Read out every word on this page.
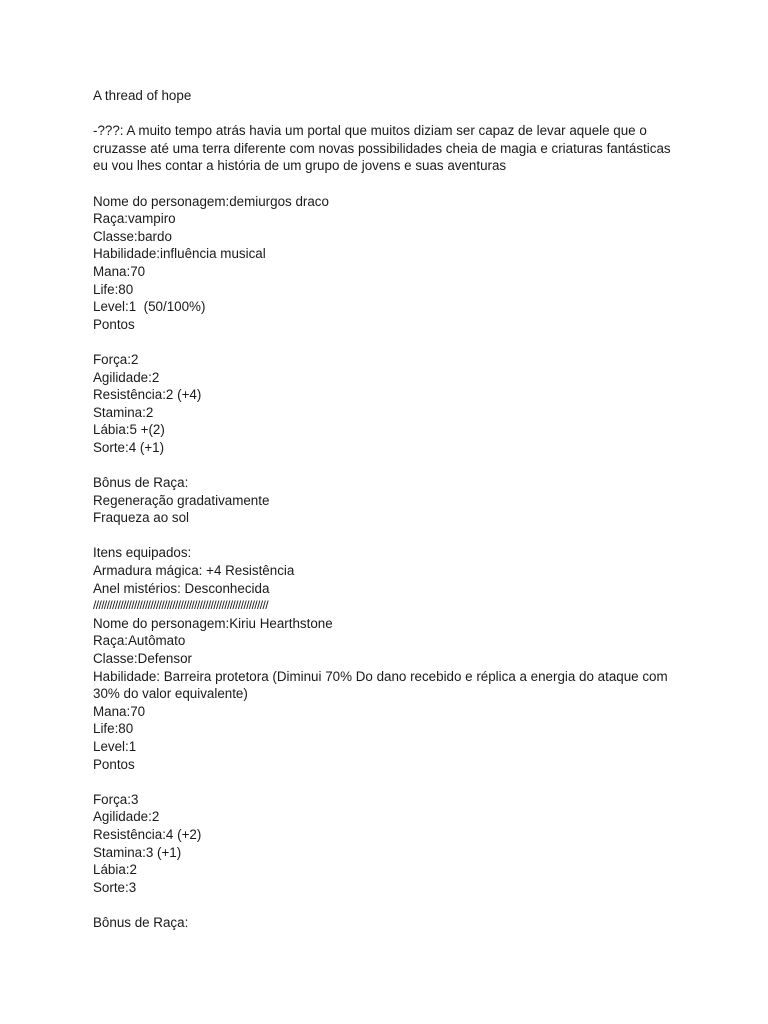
A thread of hope
-???: A muito tempo atrás havia um portal que muitos diziam ser capaz de levar aquele que o cruzasse até uma terra diferente com novas possibilidades cheia de magia e criaturas fantásticas eu vou lhes contar a história de um grupo de jovens e suas aventuras
Nome do personagem:demiurgos draco
Raça:vampiro
Classe:bardo
Habilidade:influência musical
Mana:70
Life:80
Level:1  (50/100%)
Pontos
Força:2
Agilidade:2
Resistência:2 (+4)
Stamina:2
Lábia:5 +(2)
Sorte:4 (+1)
Bônus de Raça:
Regeneração gradativamente
Fraqueza ao sol
Itens equipados:
Armadura mágica: +4 Resistência
Anel mistérios: Desconhecida
////////////////////////////////////////////////////////////////
Nome do personagem:Kiriu Hearthstone
Raça:Autômato
Classe:Defensor
Habilidade: Barreira protetora (Diminui 70% Do dano recebido e réplica a energia do ataque com 30% do valor equivalente)
Mana:70
Life:80
Level:1
Pontos
Força:3
Agilidade:2
Resistência:4 (+2)
Stamina:3 (+1)
Lábia:2
Sorte:3
Bônus de Raça:
